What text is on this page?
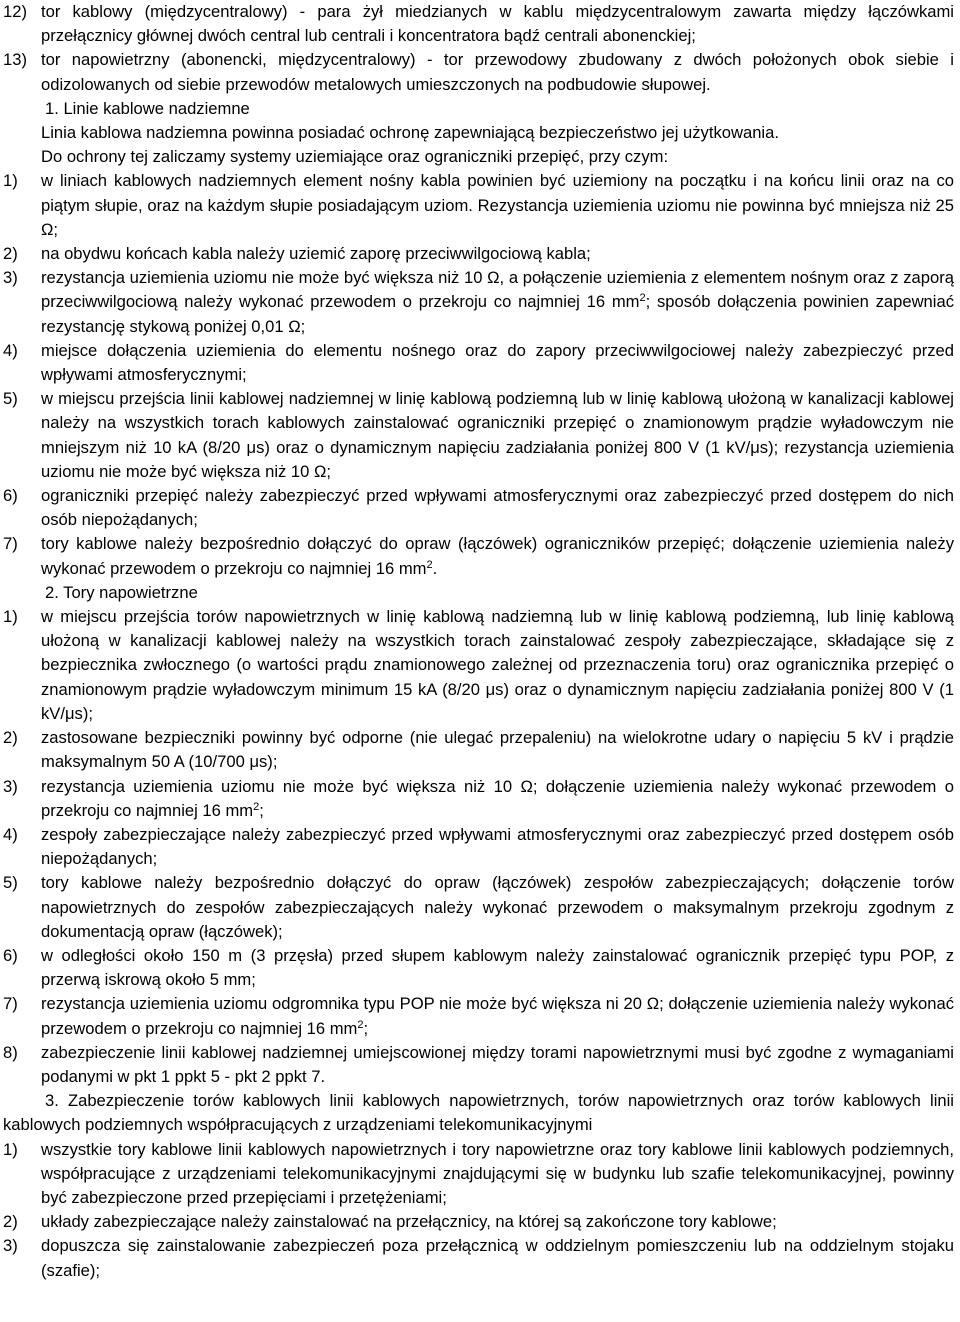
12) tor kablowy (międzycentralowy) - para żył miedzianych w kablu międzycentralowym zawarta między łączówkami przełącznicy głównej dwóch central lub centrali i koncentratora bądź centrali abonenckiej;
13) tor napowietrzny (abonencki, międzycentralowy) - tor przewodowy zbudowany z dwóch położonych obok siebie i odizolowanych od siebie przewodów metalowych umieszczonych na podbudowie słupowej.
1. Linie kablowe nadziemne
Linia kablowa nadziemna powinna posiadać ochronę zapewniającą bezpieczeństwo jej użytkowania.
Do ochrony tej zaliczamy systemy uziemiające oraz ograniczniki przepięć, przy czym:
1)	w liniach kablowych nadziemnych element nośny kabla powinien być uziemiony na początku i na końcu linii oraz na co piątym słupie, oraz na każdym słupie posiadającym uziom. Rezystancja uziemienia uziomu nie powinna być mniejsza niż 25 Ω;
2)	na obydwu końcach kabla należy uziemić zaporę przeciwwilgociową kabla;
3)	rezystancja uziemienia uziomu nie może być większa niż 10 Ω, a połączenie uziemienia z elementem nośnym oraz z zaporą przeciwwilgociową należy wykonać przewodem o przekroju co najmniej 16 $mm^2$; sposób dołączenia powinien zapewniać rezystancję stykową poniżej 0,01 Ω;
4)	miejsce dołączenia uziemienia do elementu nośnego oraz do zapory przeciwwilgociowej należy zabezpieczyć przed wpływami atmosferycznymi;
5)	w miejscu przejścia linii kablowej nadziemnej w linię kablową podziemną lub w linię kablową ułożoną w kanalizacji kablowej należy na wszystkich torach kablowych zainstalować ograniczniki przepięć o znamionowym prądzie wyładowczym nie mniejszym niż 10 kA (8/20 μs) oraz o dynamicznym napięciu zadziałania poniżej 800 V (1 kV/μs); rezystancja uziemienia uziomu nie może być większa niż 10 Ω;
6)	ograniczniki przepięć należy zabezpieczyć przed wpływami atmosferycznymi oraz zabezpieczyć przed dostępem do nich osób niepożądanych;
7)	tory kablowe należy bezpośrednio dołączyć do opraw (łączówek) ograniczników przepięć; dołączenie uziemienia należy wykonać przewodem o przekroju co najmniej 16 $mm^2$.
2. Tory napowietrzne
1)	w miejscu przejścia torów napowietrznych w linię kablową nadziemną lub w linię kablową podziemną, lub linię kablową ułożoną w kanalizacji kablowej należy na wszystkich torach zainstalować zespoły zabezpieczające, składające się z bezpiecznika zwłocznego (o wartości prądu znamionowego zależnej od przeznaczenia toru) oraz ogranicznika przepięć o znamionowym prądzie wyładowczym minimum 15 kA (8/20 μs) oraz o dynamicznym napięciu zadziałania poniżej 800 V (1 kV/μs);
2)	zastosowane bezpieczniki powinny być odporne (nie ulegać przepaleniu) na wielokrotne udary o napięciu 5 kV i prądzie maksymalnym 50 A (10/700 μs);
3)	rezystancja uziemienia uziomu nie może być większa niż 10 Ω; dołączenie uziemienia należy wykonać przewodem o przekroju co najmniej 16 $mm^2$;
4)	zespoły zabezpieczające należy zabezpieczyć przed wpływami atmosferycznymi oraz zabezpieczyć przed dostępem osób niepożądanych;
5)	tory kablowe należy bezpośrednio dołączyć do opraw (łączówek) zespołów zabezpieczających; dołączenie torów napowietrznych do zespołów zabezpieczających należy wykonać przewodem o maksymalnym przekroju zgodnym z dokumentacją opraw (łączówek);
6)	w odległości około 150 m (3 przęsła) przed słupem kablowym należy zainstalować ogranicznik przepięć typu POP, z przerwą iskrową około 5 mm;
7)	rezystancja uziemienia uziomu odgromnika typu POP nie może być większa ni 20 Ω; dołączenie uziemienia należy wykonać przewodem o przekroju co najmniej 16 $mm^2$;
8)	zabezpieczenie linii kablowej nadziemnej umiejscowionej między torami napowietrznymi musi być zgodne z wymaganiami podanymi w pkt 1 ppkt 5 - pkt 2 ppkt 7.
3. Zabezpieczenie torów kablowych linii kablowych napowietrznych, torów napowietrznych oraz torów kablowych linii kablowych podziemnych współpracujących z urządzeniami telekomunikacyjnymi
1)	wszystkie tory kablowe linii kablowych napowietrznych i tory napowietrzne oraz tory kablowe linii kablowych podziemnych, współpracujące z urządzeniami telekomunikacyjnymi znajdującymi się w budynku lub szafie telekomunikacyjnej, powinny być zabezpieczone przed przepięciami i przetężeniami;
2)	układy zabezpieczające należy zainstalować na przełącznicy, na której są zakończone tory kablowe;
3)	dopuszcza się zainstalowanie zabezpieczeń poza przełącznicą w oddzielnym pomieszczeniu lub na oddzielnym stojaku (szafie);
